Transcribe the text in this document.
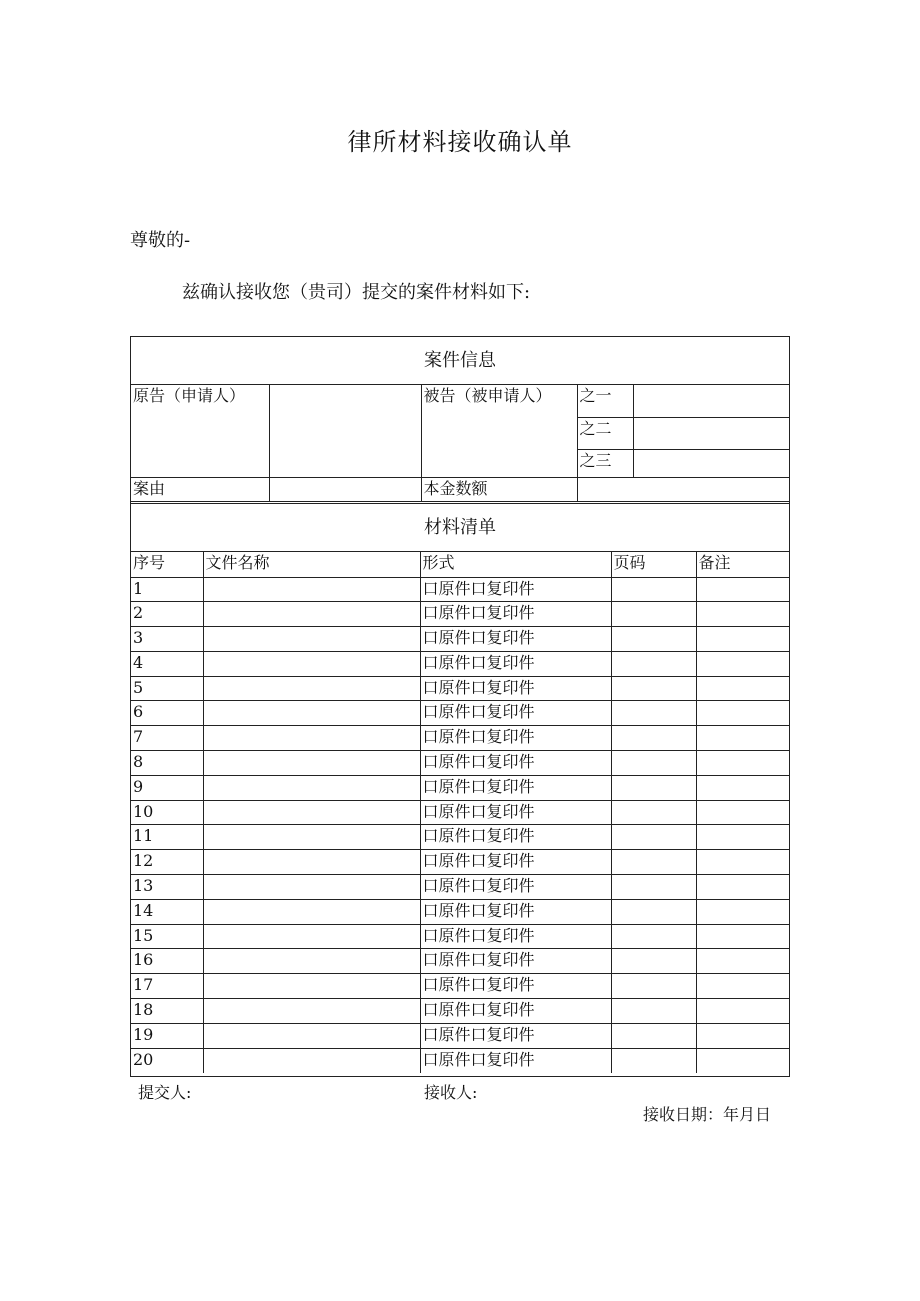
律所材料接收确认单
尊敬的-
兹确认接收您（贵司）提交的案件材料如下:
案件信息
原告（申请人）		被告（被申请人）	之一	
			之二	
			之三	
案由		本金数额		
材料清单
序号	文件名称	形式	页码	备注
1		口原件口复印件		
2		口原件口复印件		
3		口原件口复印件		
4		口原件口复印件		
5		口原件口复印件		
6		口原件口复印件		
7		口原件口复印件		
8		口原件口复印件		
9		口原件口复印件		
10		口原件口复印件		
11		口原件口复印件		
12		口原件口复印件		
13		口原件口复印件		
14		口原件口复印件		
15		口原件口复印件		
16		口原件口复印件		
17		口原件口复印件		
18		口原件口复印件		
19		口原件口复印件		
20		口原件口复印件		
提交人:	接收人:
接收日期：年月日
